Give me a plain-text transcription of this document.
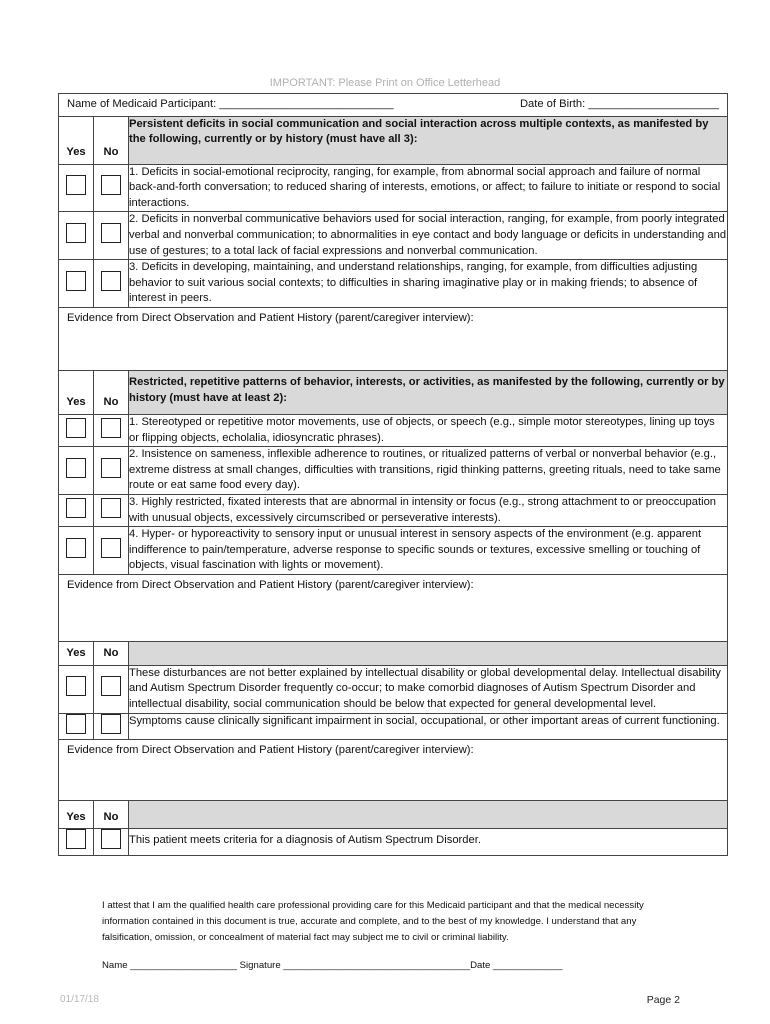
IMPORTANT: Please Print on Office Letterhead
Name of Medicaid Participant: ____________________________ Date of Birth: _____________________		

Yes	No	Persistent deficits in social communication and social interaction across multiple contexts, as manifested by the following, currently or by history (must have all 3):
		1. Deficits in social-emotional reciprocity, ranging, for example, from abnormal social approach and failure of normal back-and-forth conversation; to reduced sharing of interests, emotions, or affect; to failure to initiate or respond to social interactions.
		2. Deficits in nonverbal communicative behaviors used for social interaction, ranging, for example, from poorly integrated verbal and nonverbal communication; to abnormalities in eye contact and body language or deficits in understanding and use of gestures; to a total lack of facial expressions and nonverbal communication.
		3. Deficits in developing, maintaining, and understand relationships, ranging, for example, from difficulties adjusting behavior to suit various social contexts; to difficulties in sharing imaginative play or in making friends; to absence of interest in peers.
Evidence from Direct Observation and Patient History (parent/caregiver interview):		
Yes	No	Restricted, repetitive patterns of behavior, interests, or activities, as manifested by the following, currently or by history (must have at least 2):
		1. Stereotyped or repetitive motor movements, use of objects, or speech (e.g., simple motor stereotypes, lining up toys or flipping objects, echolalia, idiosyncratic phrases).
		2. Insistence on sameness, inflexible adherence to routines, or ritualized patterns of verbal or nonverbal behavior (e.g., extreme distress at small changes, difficulties with transitions, rigid thinking patterns, greeting rituals, need to take same route or eat same food every day).
		3. Highly restricted, fixated interests that are abnormal in intensity or focus (e.g., strong attachment to or preoccupation with unusual objects, excessively circumscribed or perseverative interests).
		4. Hyper- or hyporeactivity to sensory input or unusual interest in sensory aspects of the environment (e.g. apparent indifference to pain/temperature, adverse response to specific sounds or textures, excessive smelling or touching of objects, visual fascination with lights or movement).
Evidence from Direct Observation and Patient History (parent/caregiver interview):		
Yes	No	
		These disturbances are not better explained by intellectual disability or global developmental delay. Intellectual disability and Autism Spectrum Disorder frequently co-occur; to make comorbid diagnoses of Autism Spectrum Disorder and intellectual disability, social communication should be below that expected for general developmental level.
		Symptoms cause clinically significant impairment in social, occupational, or other important areas of current functioning.
Evidence from Direct Observation and Patient History (parent/caregiver interview):		
Yes	No	
		This patient meets criteria for a diagnosis of Autism Spectrum Disorder.
I attest that I am the qualified health care professional providing care for this Medicaid participant and that the medical necessity information contained in this document is true, accurate and complete, and to the best of my knowledge. I understand that any falsification, omission, or concealment of material fact may subject me to civil or criminal liability.
Name ____________________ Signature ___________________________________Date _____________
01/17/18	Page 2
